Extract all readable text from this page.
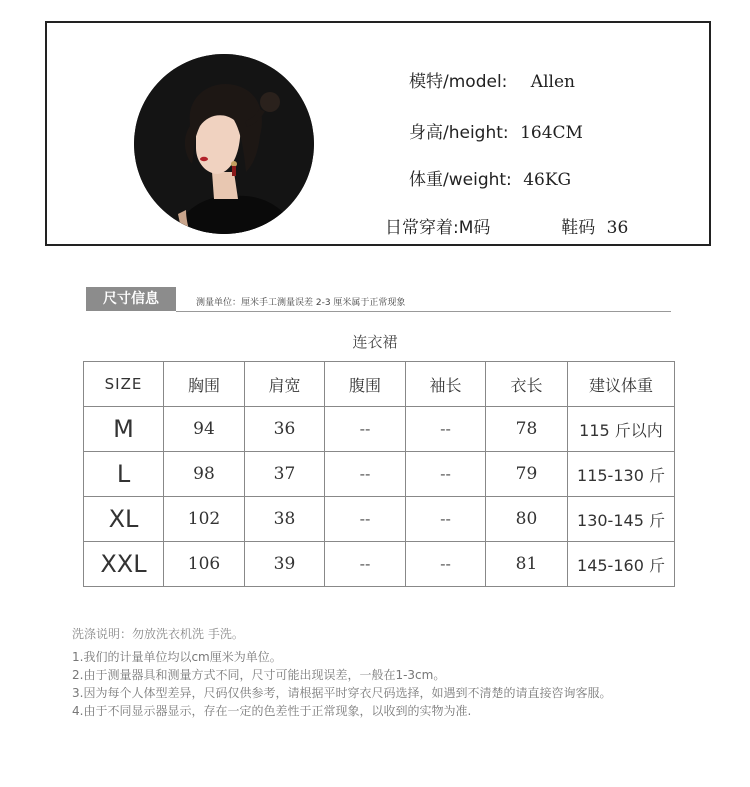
模特/model: Allen
身高/height: 164CM
体重/weight: 46KG
日常穿着:M码	鞋码 36
尺寸信息	测量单位：厘米手工测量误差 2-3 厘米属于正常现象
连衣裙
SIZE	胸围	肩宽	腹围	袖长	衣长	建议体重
M	94	36	--	--	78	115 斤以内
L	98	37	--	--	79	115-130 斤
XL	102	38	--	--	80	130-145 斤
XXL	106	39	--	--	81	145-160 斤
洗涤说明：勿放洗衣机洗 手洗。
1.我们的计量单位均以cm厘米为单位。
2.由于测量器具和测量方式不同，尺寸可能出现误差，一般在1-3cm。
3.因为每个人体型差异，尺码仅供参考，请根据平时穿衣尺码选择，如遇到不清楚的请直接咨询客服。
4.由于不同显示器显示，存在一定的色差性于正常现象，以收到的实物为准.
